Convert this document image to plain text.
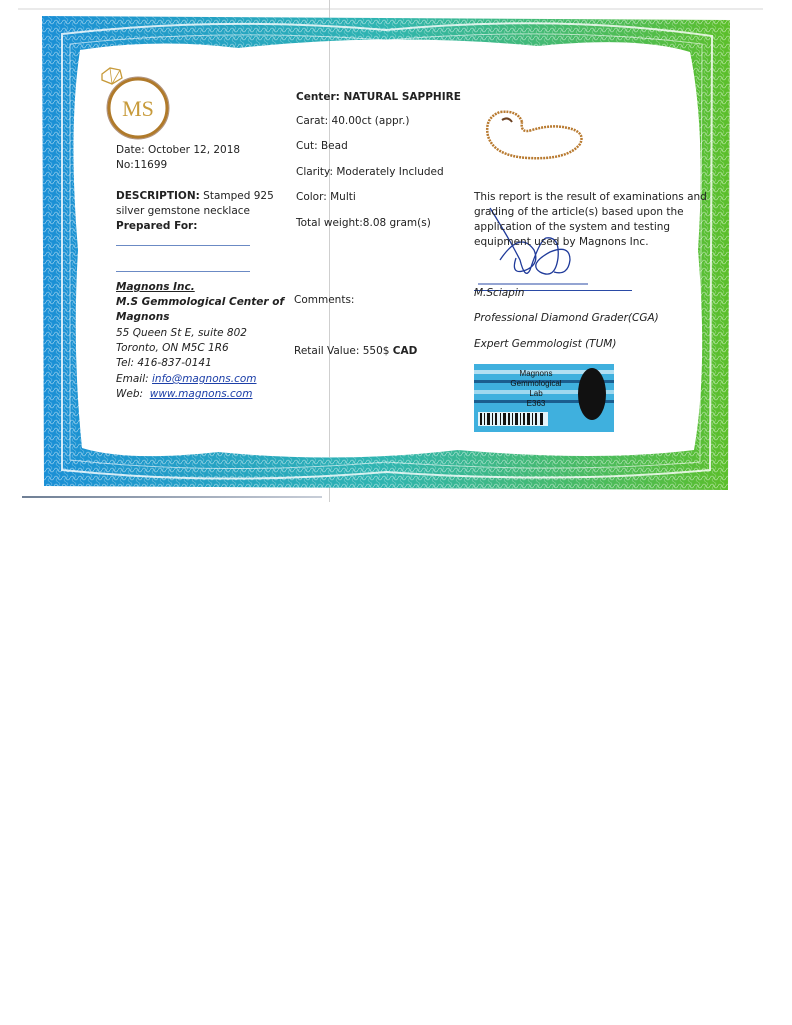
MS
Magnons
Gemmological
Lab
E363
Date: October 12, 2018
No:11699
DESCRIPTION: Stamped 925
silver gemstone necklace
Prepared For:
Magnons Inc.
M.S Gemmological Center of
Magnons
55 Queen St E, suite 802
Toronto, ON M5C 1R6
Tel: 416-837-0141
Email: info@magnons.com
Web: www.magnons.com
Center: NATURAL SAPPHIRE
Carat: 40.00ct (appr.)
Cut: Bead
Clarity: Moderately Included
Color: Multi
Total weight:8.08 gram(s)
Comments:
Retail Value: 550$ CAD
This report is the result of examinations and
grading of the article(s) based upon the
application of the system and testing
equipment used by Magnons Inc.
M.Sciapin
Professional Diamond Grader(CGA)
Expert Gemmologist (TUM)
